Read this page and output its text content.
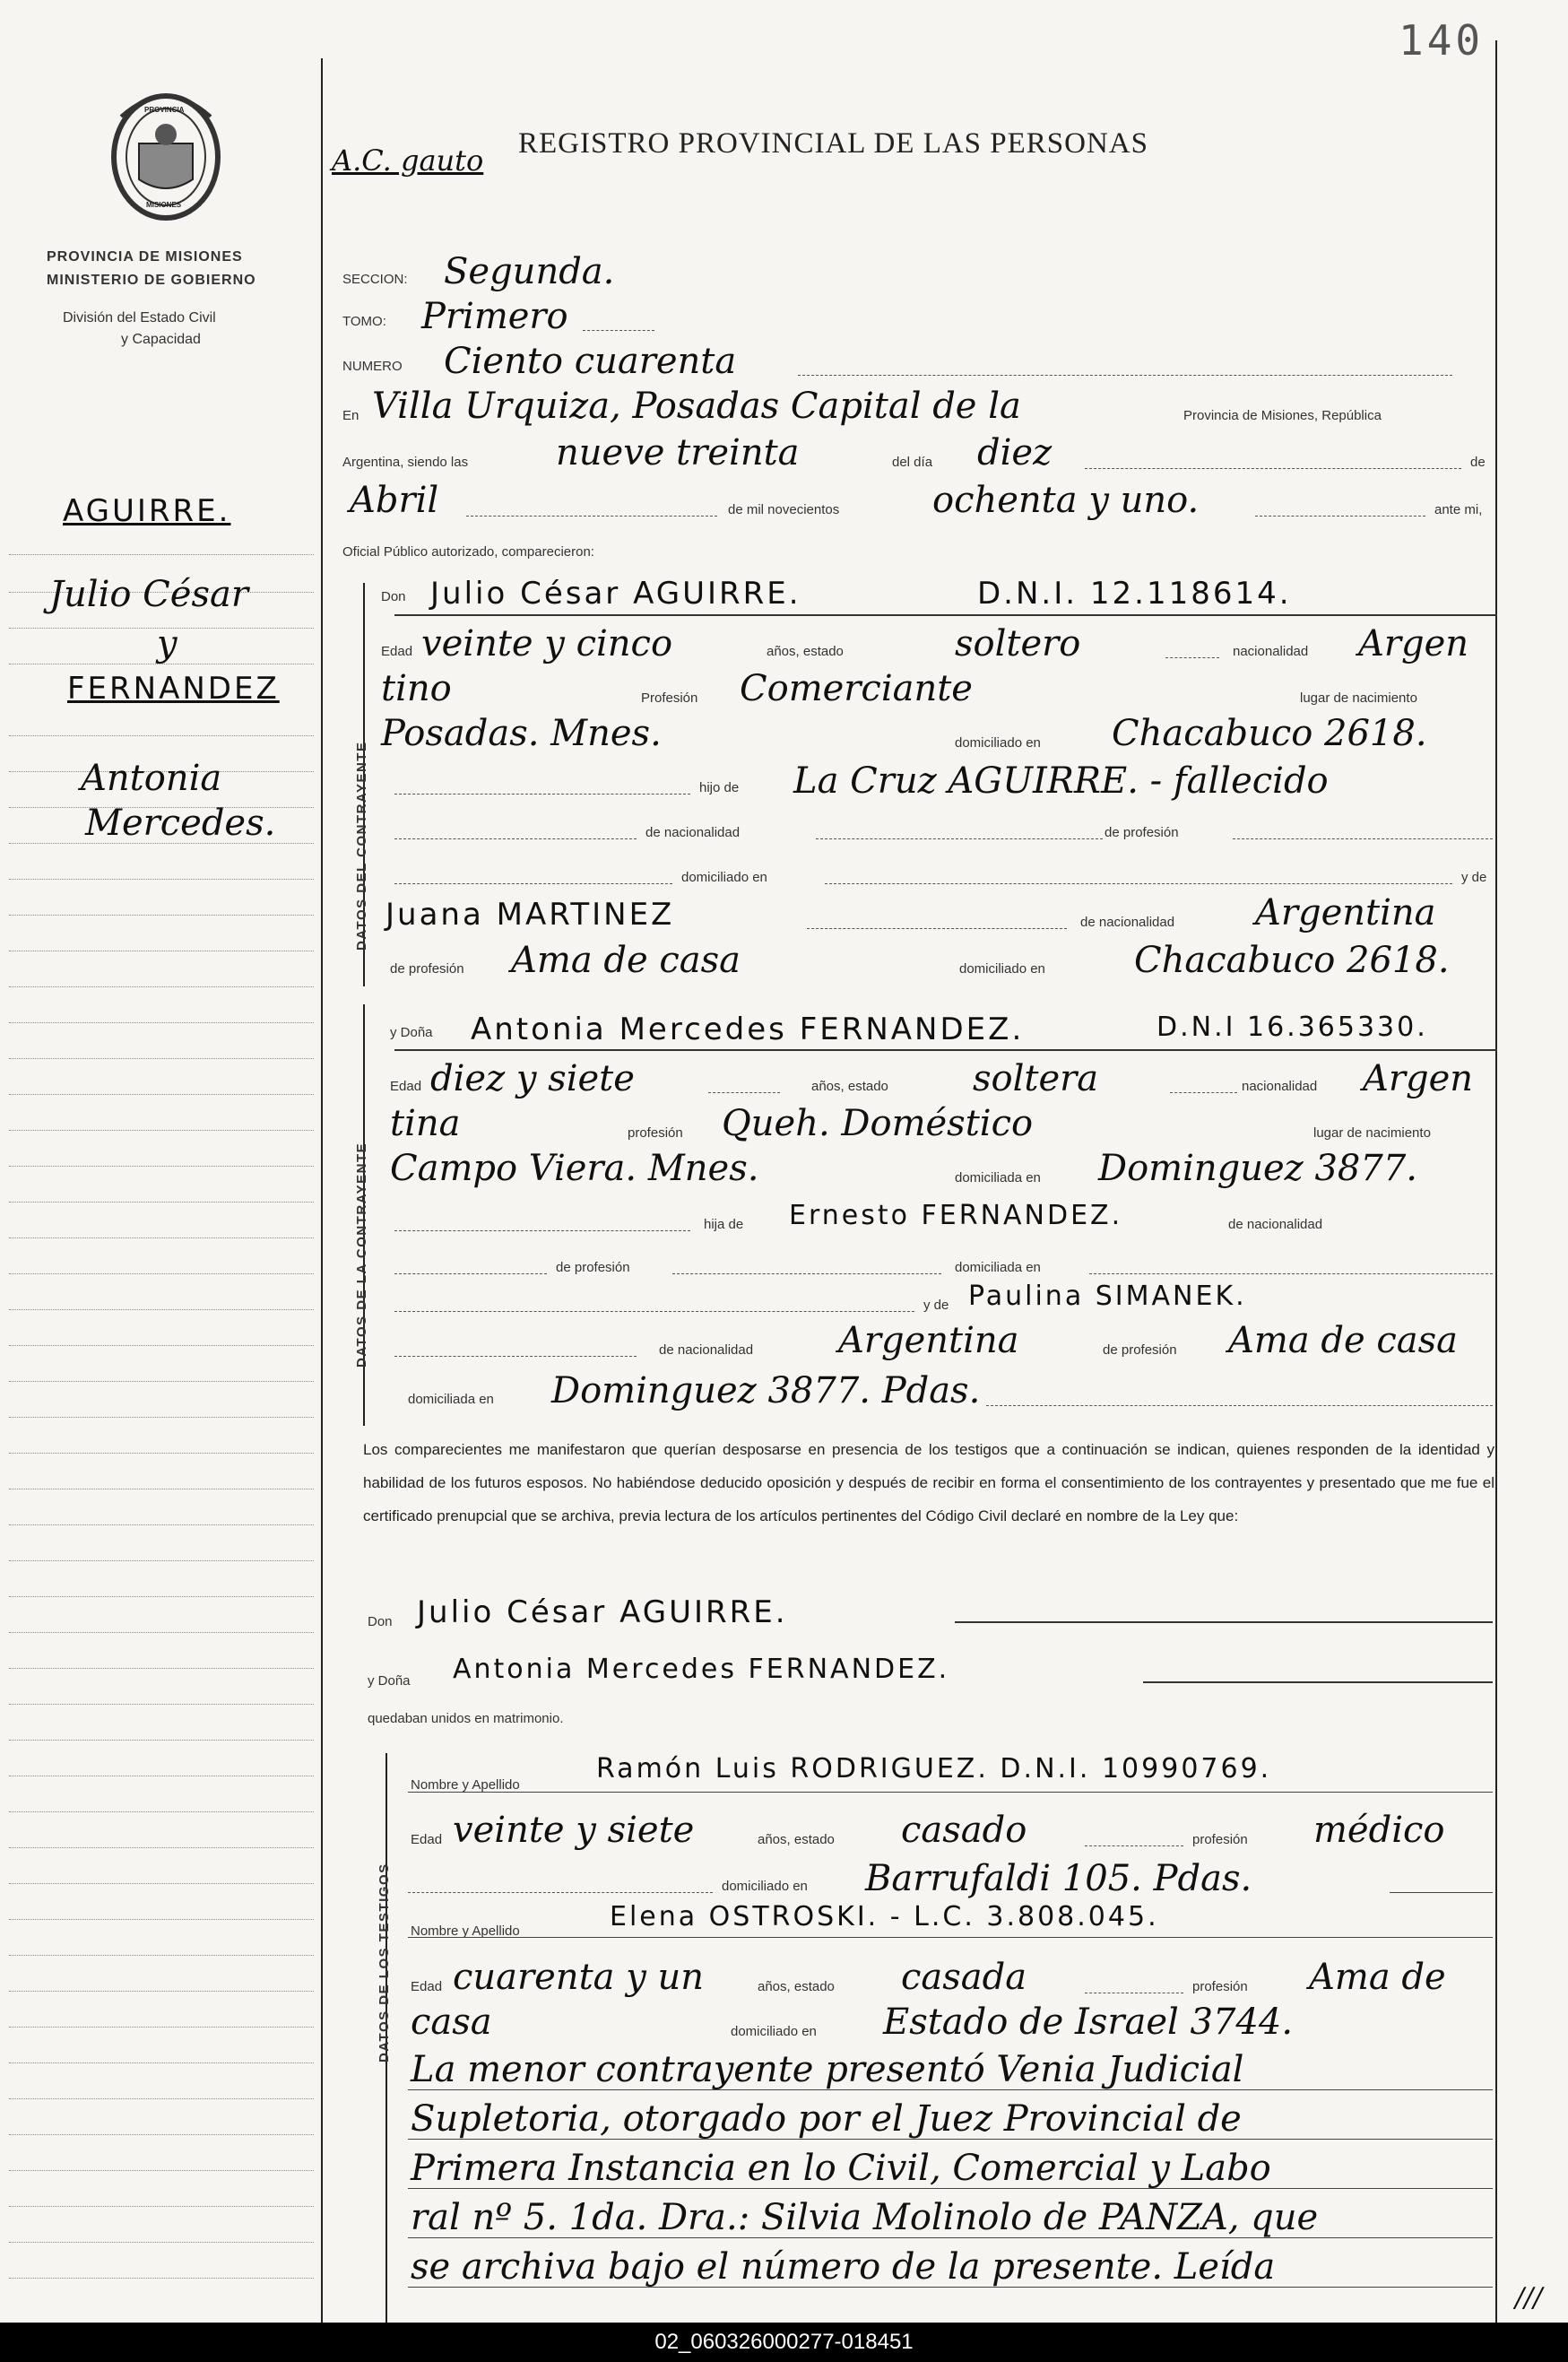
140
PROVINCIA
MISIONES
PROVINCIA DE MISIONES
MINISTERIO DE GOBIERNO
División del Estado Civil
y Capacidad
AGUIRRE.
Julio César
y
FERNANDEZ
Antonia
Mercedes.
A.C. gauto REGISTRO PROVINCIAL DE LAS PERSONAS
SECCION: Segunda.
TOMO: Primero
NUMERO Ciento cuarenta
En Villa Urquiza, Posadas Capital de la	Provincia de Misiones, República
Argentina, siendo las nueve treinta	del día diez	de
Abril	de mil novecientos	ochenta y uno.	ante mi,
Oficial Público autorizado, comparecieron:
DATOS DEL CONTRAYENTE
Don Julio César AGUIRRE.	D.N.I. 12.118614.
Edad veinte y cinco	años, estado	soltero	nacionalidad Argen
tino	Profesión Comerciante	lugar de nacimiento
Posadas. Mnes.	domiciliado en Chacabuco 2618.
hijo de La Cruz AGUIRRE. - fallecido
de nacionalidad	de profesión
domiciliado en	y de
Juana MARTINEZ	de nacionalidad Argentina
de profesión Ama de casa	domiciliado en Chacabuco 2618.
DATOS DE LA CONTRAYENTE
y Doña Antonia Mercedes FERNANDEZ.	D.N.I 16.365330.
Edad diez y siete	años, estado soltera	nacionalidad Argen
tina	profesión Queh. Doméstico	lugar de nacimiento
Campo Viera. Mnes.	domiciliada en Dominguez 3877.
hija de Ernesto FERNANDEZ.	de nacionalidad
de profesión	domiciliada en
y de Paulina SIMANEK.
de nacionalidad Argentina	de profesión Ama de casa
domiciliada en Dominguez 3877. Pdas.
Los comparecientes me manifestaron que querían desposarse en presencia de los testigos que a continuación se indican, quienes responden de la identidad y habilidad de los futuros esposos. No habiéndose deducido oposición y después de recibir en forma el consentimiento de los contrayentes y presentado que me fue el certificado prenupcial que se archiva, previa lectura de los artículos pertinentes del Código Civil declaré en nombre de la Ley que:
Don Julio César AGUIRRE.
y Doña Antonia Mercedes FERNANDEZ.
quedaban unidos en matrimonio.
DATOS DE LOS TESTIGOS
Nombre y Apellido
Ramón Luis RODRIGUEZ. D.N.I. 10990769.
Edad veinte y siete	años, estado casado	profesión médico
domiciliado en Barrufaldi 105. Pdas.
Nombre y Apellido	Elena OSTROSKI. - L.C. 3.808.045.
Edad cuarenta y un	años, estado casada	profesión Ama de
casa	domiciliado en Estado de Israel 3744.
La menor contrayente presentó Venia Judicial
Supletoria, otorgado por el Juez Provincial de
Primera Instancia en lo Civil, Comercial y Labo
ral nº 5. 1da. Dra.: Silvia Molinolo de PANZA, que
se archiva bajo el número de la presente. Leída
///
02_060326000277-018451
